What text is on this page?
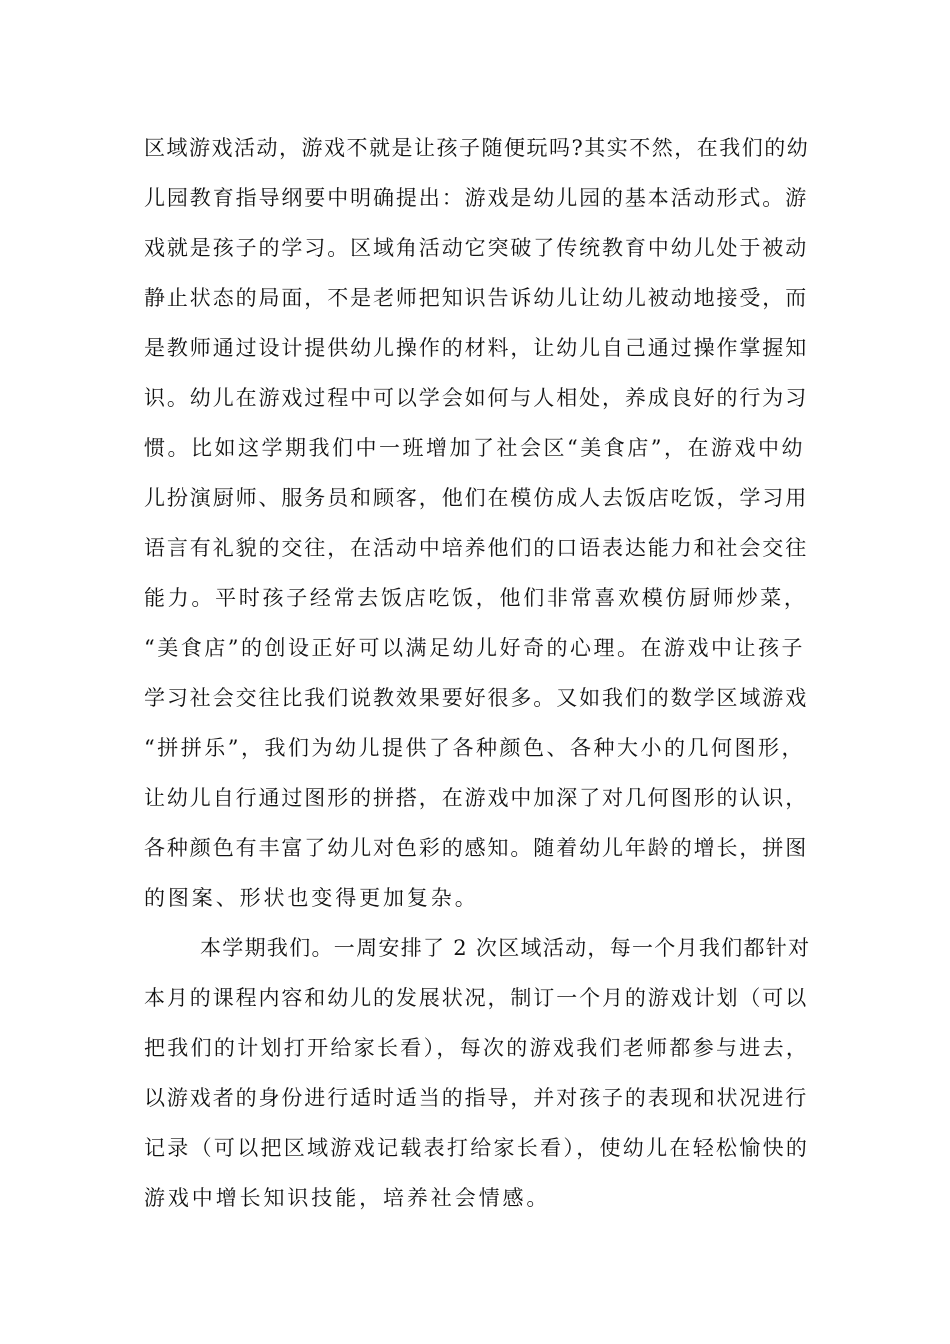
区域游戏活动，游戏不就是让孩子随便玩吗?其实不然，在我们的幼
儿园教育指导纲要中明确提出：游戏是幼儿园的基本活动形式。游
戏就是孩子的学习。区域角活动它突破了传统教育中幼儿处于被动
静止状态的局面，不是老师把知识告诉幼儿让幼儿被动地接受，而
是教师通过设计提供幼儿操作的材料，让幼儿自己通过操作掌握知
识。幼儿在游戏过程中可以学会如何与人相处，养成良好的行为习
惯。比如这学期我们中一班增加了社会区“美食店”，在游戏中幼
儿扮演厨师、服务员和顾客，他们在模仿成人去饭店吃饭，学习用
语言有礼貌的交往，在活动中培养他们的口语表达能力和社会交往
能力。平时孩子经常去饭店吃饭，他们非常喜欢模仿厨师炒菜，
“美食店”的创设正好可以满足幼儿好奇的心理。在游戏中让孩子
学习社会交往比我们说教效果要好很多。又如我们的数学区域游戏
“拼拼乐”，我们为幼儿提供了各种颜色、各种大小的几何图形，
让幼儿自行通过图形的拼搭，在游戏中加深了对几何图形的认识，
各种颜色有丰富了幼儿对色彩的感知。随着幼儿年龄的增长，拼图
的图案、形状也变得更加复杂。
本学期我们。一周安排了 2 次区域活动，每一个月我们都针对
本月的课程内容和幼儿的发展状况，制订一个月的游戏计划（可以
把我们的计划打开给家长看），每次的游戏我们老师都参与进去，
以游戏者的身份进行适时适当的指导，并对孩子的表现和状况进行
记录（可以把区域游戏记载表打给家长看），使幼儿在轻松愉快的
游戏中增长知识技能，培养社会情感。
